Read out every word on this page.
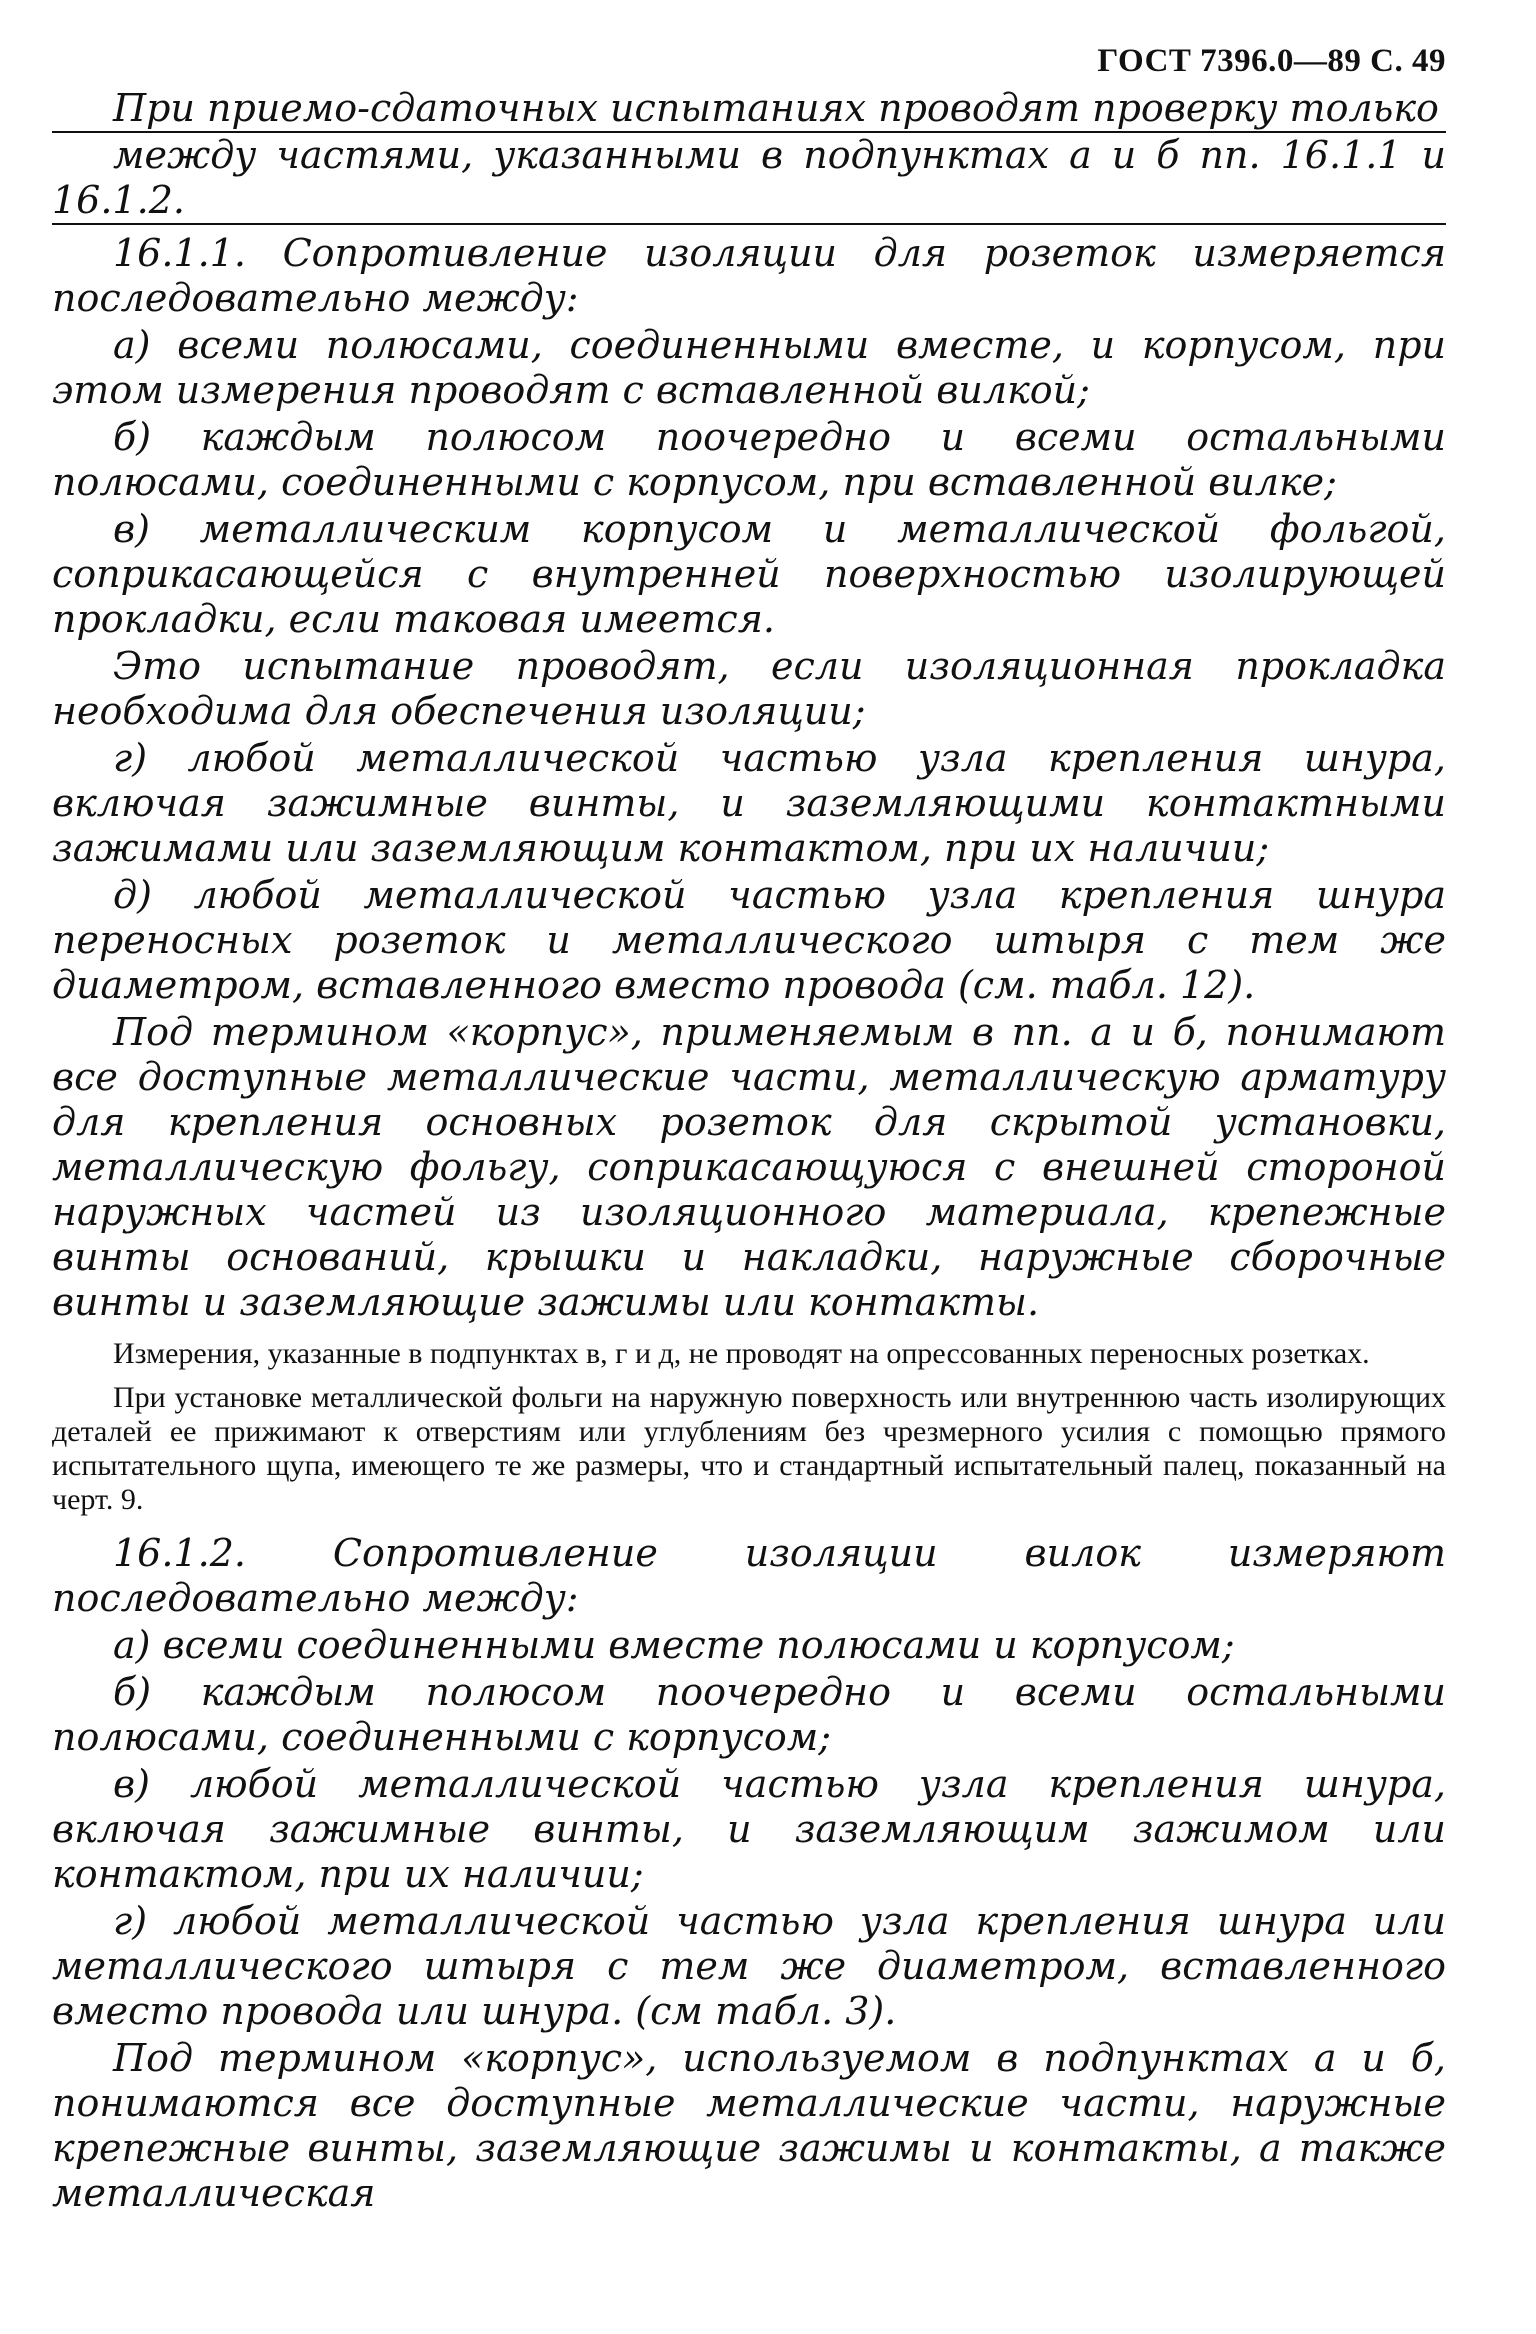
ГОСТ 7396.0—89 С. 49

При приемо-сдаточных испытаниях проводят проверку только
между частями, указанными в подпунктах а и б пп. 16.1.1 и 16.1.2.

16.1.1. Сопротивление изоляции для розеток измеряется последовательно между:

а) всеми полюсами, соединенными вместе, и корпусом, при этом измерения проводят с вставленной вилкой;

б) каждым полюсом поочередно и всеми остальными полюсами, соединенными с корпусом, при вставленной вилке;

в) металлическим корпусом и металлической фольгой, соприкасающейся с внутренней поверхностью изолирующей прокладки, если таковая имеется.

Это испытание проводят, если изоляционная прокладка необходима для обеспечения изоляции;

г) любой металлической частью узла крепления шнура, включая зажимные винты, и заземляющими контактными зажимами или заземляющим контактом, при их наличии;

д) любой металлической частью узла крепления шнура переносных розеток и металлического штыря с тем же диаметром, вставленного вместо провода (см. табл. 12).

Под термином «корпус», применяемым в пп. а и б, понимают все доступные металлические части, металлическую арматуру для крепления основных розеток для скрытой установки, металлическую фольгу, соприкасающуюся с внешней стороной наружных частей из изоляционного материала, крепежные винты оснований, крышки и накладки, наружные сборочные винты и заземляющие зажимы или контакты.

Измерения, указанные в подпунктах в, г и д, не проводят на опрессованных переносных розетках.

При установке металлической фольги на наружную поверхность или внутреннюю часть изолирующих деталей ее прижимают к отверстиям или углублениям без чрезмерного усилия с помощью прямого испытательного щупа, имеющего те же размеры, что и стандартный испытательный палец, показанный на черт. 9.

16.1.2. Сопротивление изоляции вилок измеряют последовательно между:

а) всеми соединенными вместе полюсами и корпусом;

б) каждым полюсом поочередно и всеми остальными полюсами, соединенными с корпусом;

в) любой металлической частью узла крепления шнура, включая зажимные винты, и заземляющим зажимом или контактом, при их наличии;

г) любой металлической частью узла крепления шнура или металлического штыря с тем же диаметром, вставленного вместо провода или шнура. (см табл. 3).

Под термином «корпус», используемом в подпунктах а и б, понимаются все доступные металлические части, наружные крепежные винты, заземляющие зажимы и контакты, а также металлическая
